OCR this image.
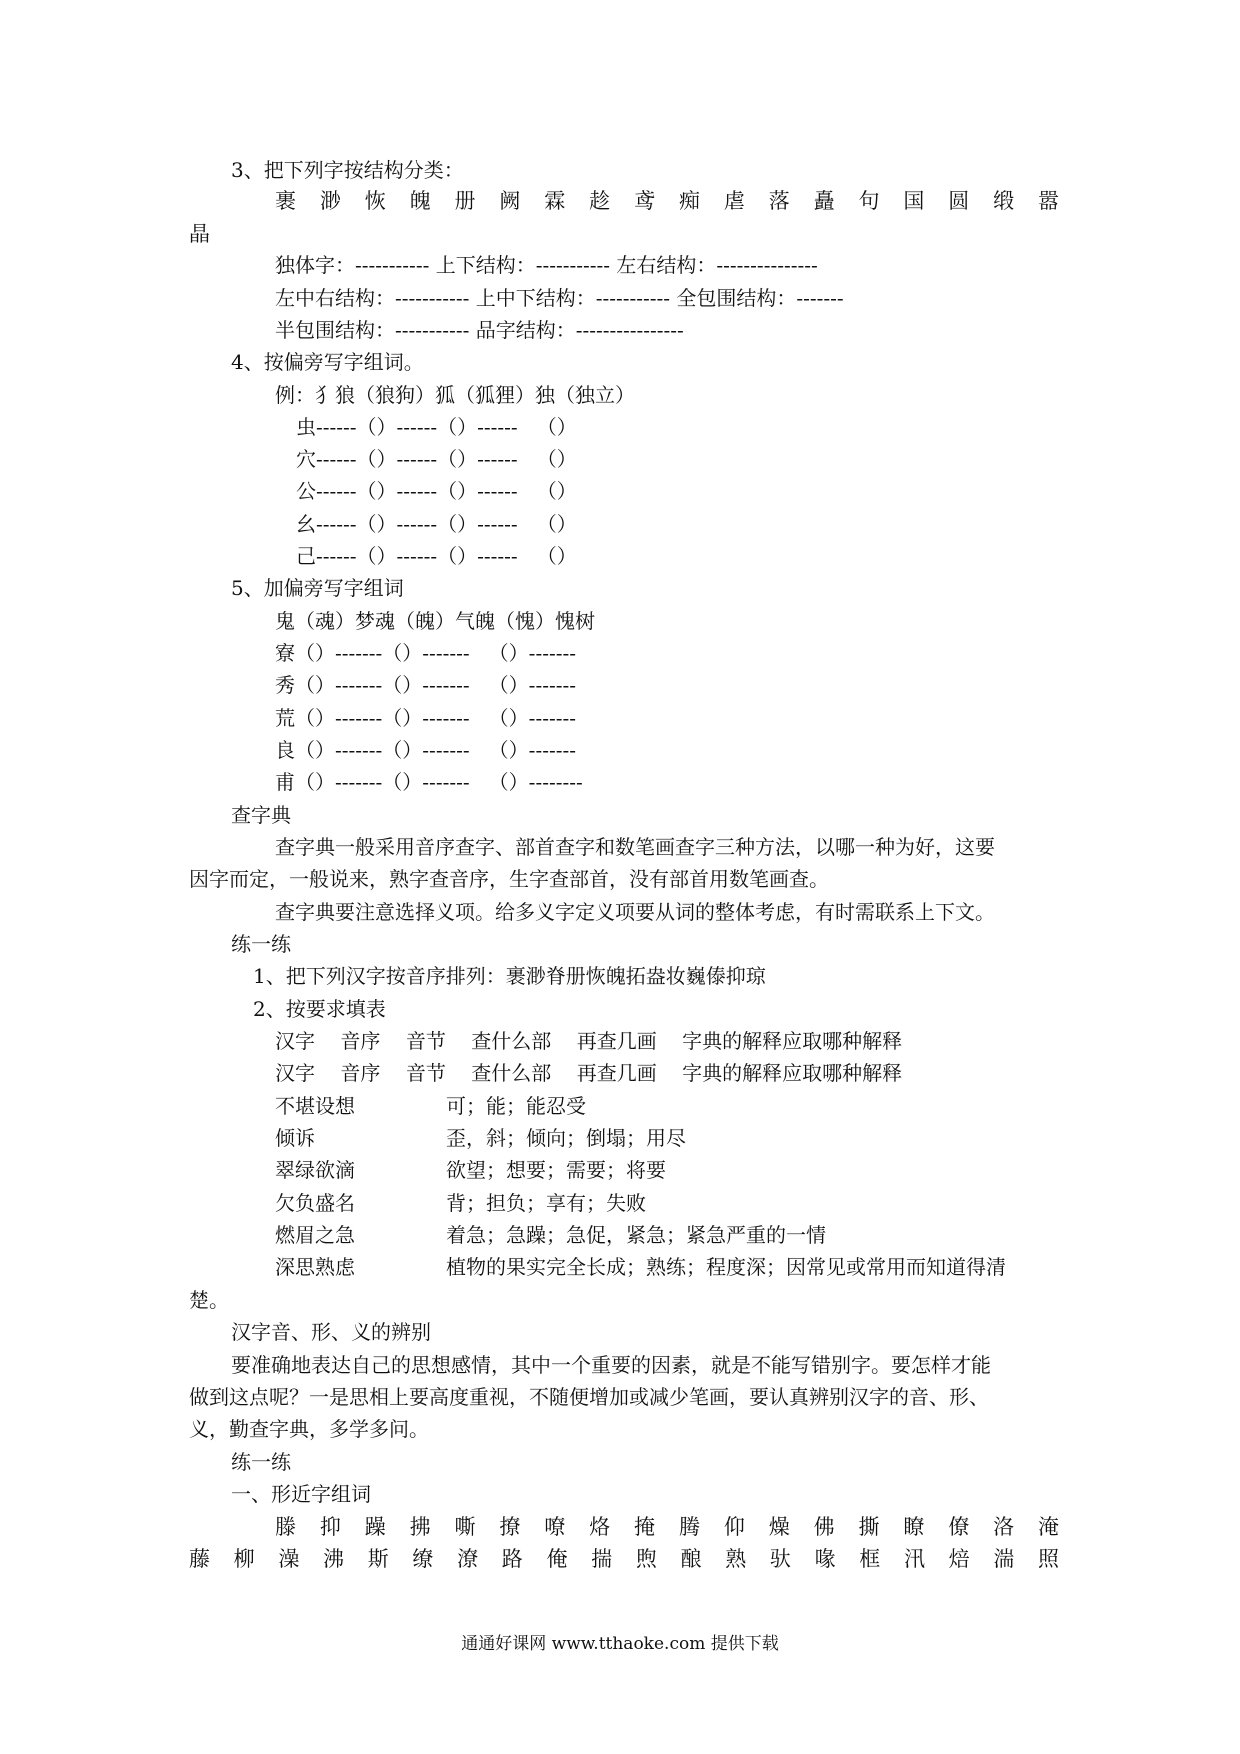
3、把下列字按结构分类：
裹 渺 恢 魄 册 阙 霖 趁 鸢 痴 虐 落 矗 句 国 圆 缎 嚣
晶
独体字：----------- 上下结构：----------- 左右结构：---------------
左中右结构：----------- 上中下结构：----------- 全包围结构：-------
半包围结构：----------- 品字结构：----------------
4、按偏旁写字组词。
例：犭狼（狼狗）狐（狐狸）独（独立）
虫------（）------（）------   （）
穴------（）------（）------   （）
公------（）------（）------   （）
幺------（）------（）------   （）
己------（）------（）------   （）
5、加偏旁写字组词
鬼（魂）梦魂（魄）气魄（愧）愧树
寮（）-------（）-------   （）-------
秀（）-------（）-------   （）-------
荒（）-------（）-------   （）-------
良（）-------（）-------   （）-------
甫（）-------（）-------   （）--------
查字典
查字典一般采用音序查字、部首查字和数笔画查字三种方法，以哪一种为好，这要
因字而定，一般说来，熟字查音序，生字查部首，没有部首用数笔画查。
查字典要注意选择义项。给多义字定义项要从词的整体考虑，有时需联系上下文。
练一练
1、把下列汉字按音序排列：裹渺脊册恢魄拓盎妆巍傣抑琼
2、按要求填表
汉字    音序    音节    查什么部    再查几画    字典的解释应取哪种解释
汉字    音序    音节    查什么部    再查几画    字典的解释应取哪种解释
不堪设想	可；能；能忍受
倾诉	歪，斜；倾向；倒塌；用尽
翠绿欲滴	欲望；想要；需要；将要
欠负盛名	背；担负；享有；失败
燃眉之急	着急；急躁；急促，紧急；紧急严重的一情
深思熟虑	植物的果实完全长成；熟练；程度深；因常见或常用而知道得清
楚。
汉字音、形、义的辨别
要准确地表达自己的思想感情，其中一个重要的因素，就是不能写错别字。要怎样才能
做到这点呢？一是思相上要高度重视，不随便增加或减少笔画，要认真辨别汉字的音、形、
义，勤查字典，多学多问。
练一练
一、形近字组词
滕 抑 躁 拂 嘶 撩 嘹 烙 掩 腾 仰 燥 佛 撕 瞭 僚 洛 淹
藤 柳 澡 沸 斯 缭 潦 路 俺 揣 煦 酿 熟 驮 喙 框 汛 焙 湍 照
通通好课网 www.tthaoke.com 提供下载
